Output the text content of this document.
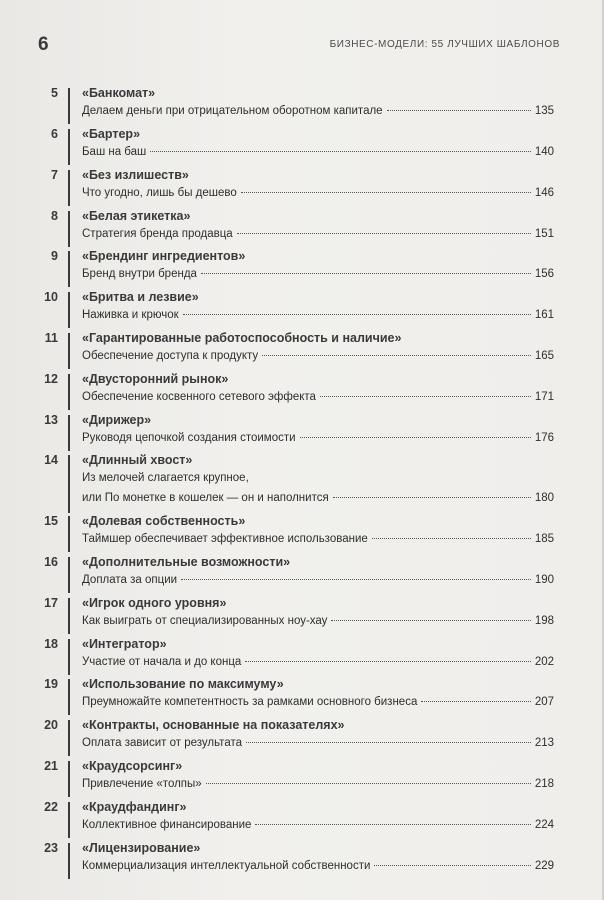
6	БИЗНЕС-МОДЕЛИ: 55 ЛУЧШИХ ШАБЛОНОВ
5 «Банкомат»
Делаем деньги при отрицательном оборотном капитале	135
6 «Бартер»
Баш на баш	140
7 «Без излишеств»
Что угодно, лишь бы дешево	146
8 «Белая этикетка»
Стратегия бренда продавца	151
9 «Брендинг ингредиентов»
Бренд внутри бренда	156
10 «Бритва и лезвие»
Наживка и крючок	161
11 «Гарантированные работоспособность и наличие»
Обеспечение доступа к продукту	165
12 «Двусторонний рынок»
Обеспечение косвенного сетевого эффекта	171
13 «Дирижер»
Руководя цепочкой создания стоимости	176
14 «Длинный хвост»
Из мелочей слагается крупное,
или По монетке в кошелек — он и наполнится	180
15 «Долевая собственность»
Таймшер обеспечивает эффективное использование	185
16 «Дополнительные возможности»
Доплата за опции	190
17 «Игрок одного уровня»
Как выиграть от специализированных ноу-хау	198
18 «Интегратор»
Участие от начала и до конца	202
19 «Использование по максимуму»
Преумножайте компетентность за рамками основного бизнеса	207
20 «Контракты, основанные на показателях»
Оплата зависит от результата	213
21 «Краудсорсинг»
Привлечение «толпы»	218
22 «Краудфандинг»
Коллективное финансирование	224
23 «Лицензирование»
Коммерциализация интеллектуальной собственности	229
